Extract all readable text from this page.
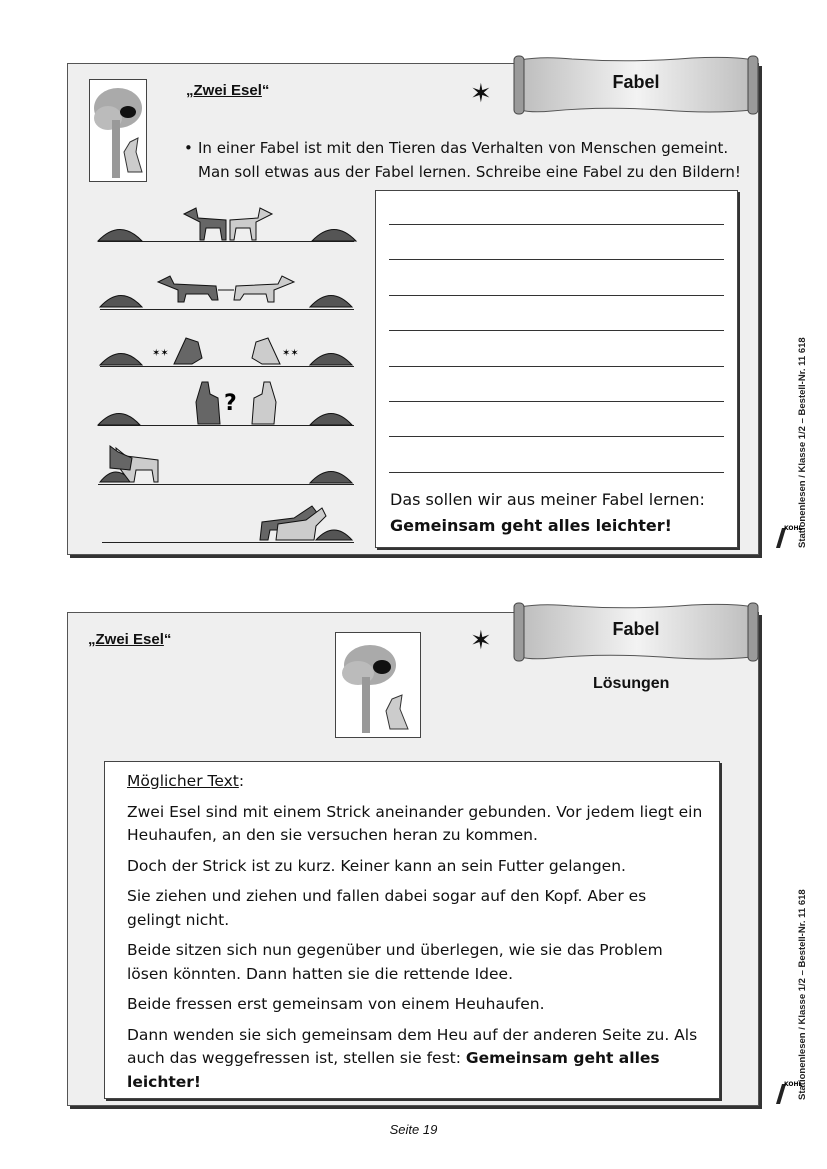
„Zwei Esel“	✶	Fabel
• In einer Fabel ist mit den Tieren das Verhalten von Menschen gemeint.
Man soll etwas aus der Fabel lernen. Schreibe eine Fabel zu den Bildern!
✶✶	✶✶
?
Das sollen wir aus meiner Fabel lernen:
Gemeinsam geht alles leichter!
„Zwei Esel“	✶	Fabel
Lösungen

Möglicher Text:

Zwei Esel sind mit einem Strick aneinander gebunden. Vor jedem liegt ein Heuhaufen, an den sie versuchen heran zu kommen.

Doch der Strick ist zu kurz. Keiner kann an sein Futter gelangen.

Sie ziehen und ziehen und fallen dabei sogar auf den Kopf. Aber es gelingt nicht.

Beide sitzen sich nun gegenüber und überlegen, wie sie das Problem lösen könnten. Dann hatten sie die rettende Idee.

Beide fressen erst gemeinsam von einem Heuhaufen.

Dann wenden sie sich gemeinsam dem Heu auf der anderen Seite zu. Als auch das weggefressen ist, stellen sie fest: Gemeinsam geht alles leichter!

Stationenlesen / Klasse 1/2 – Bestell-Nr. 11 618
Stationenlesen / Klasse 1/2 – Bestell-Nr. 11 618
KOHL
KOHL
Seite 19
